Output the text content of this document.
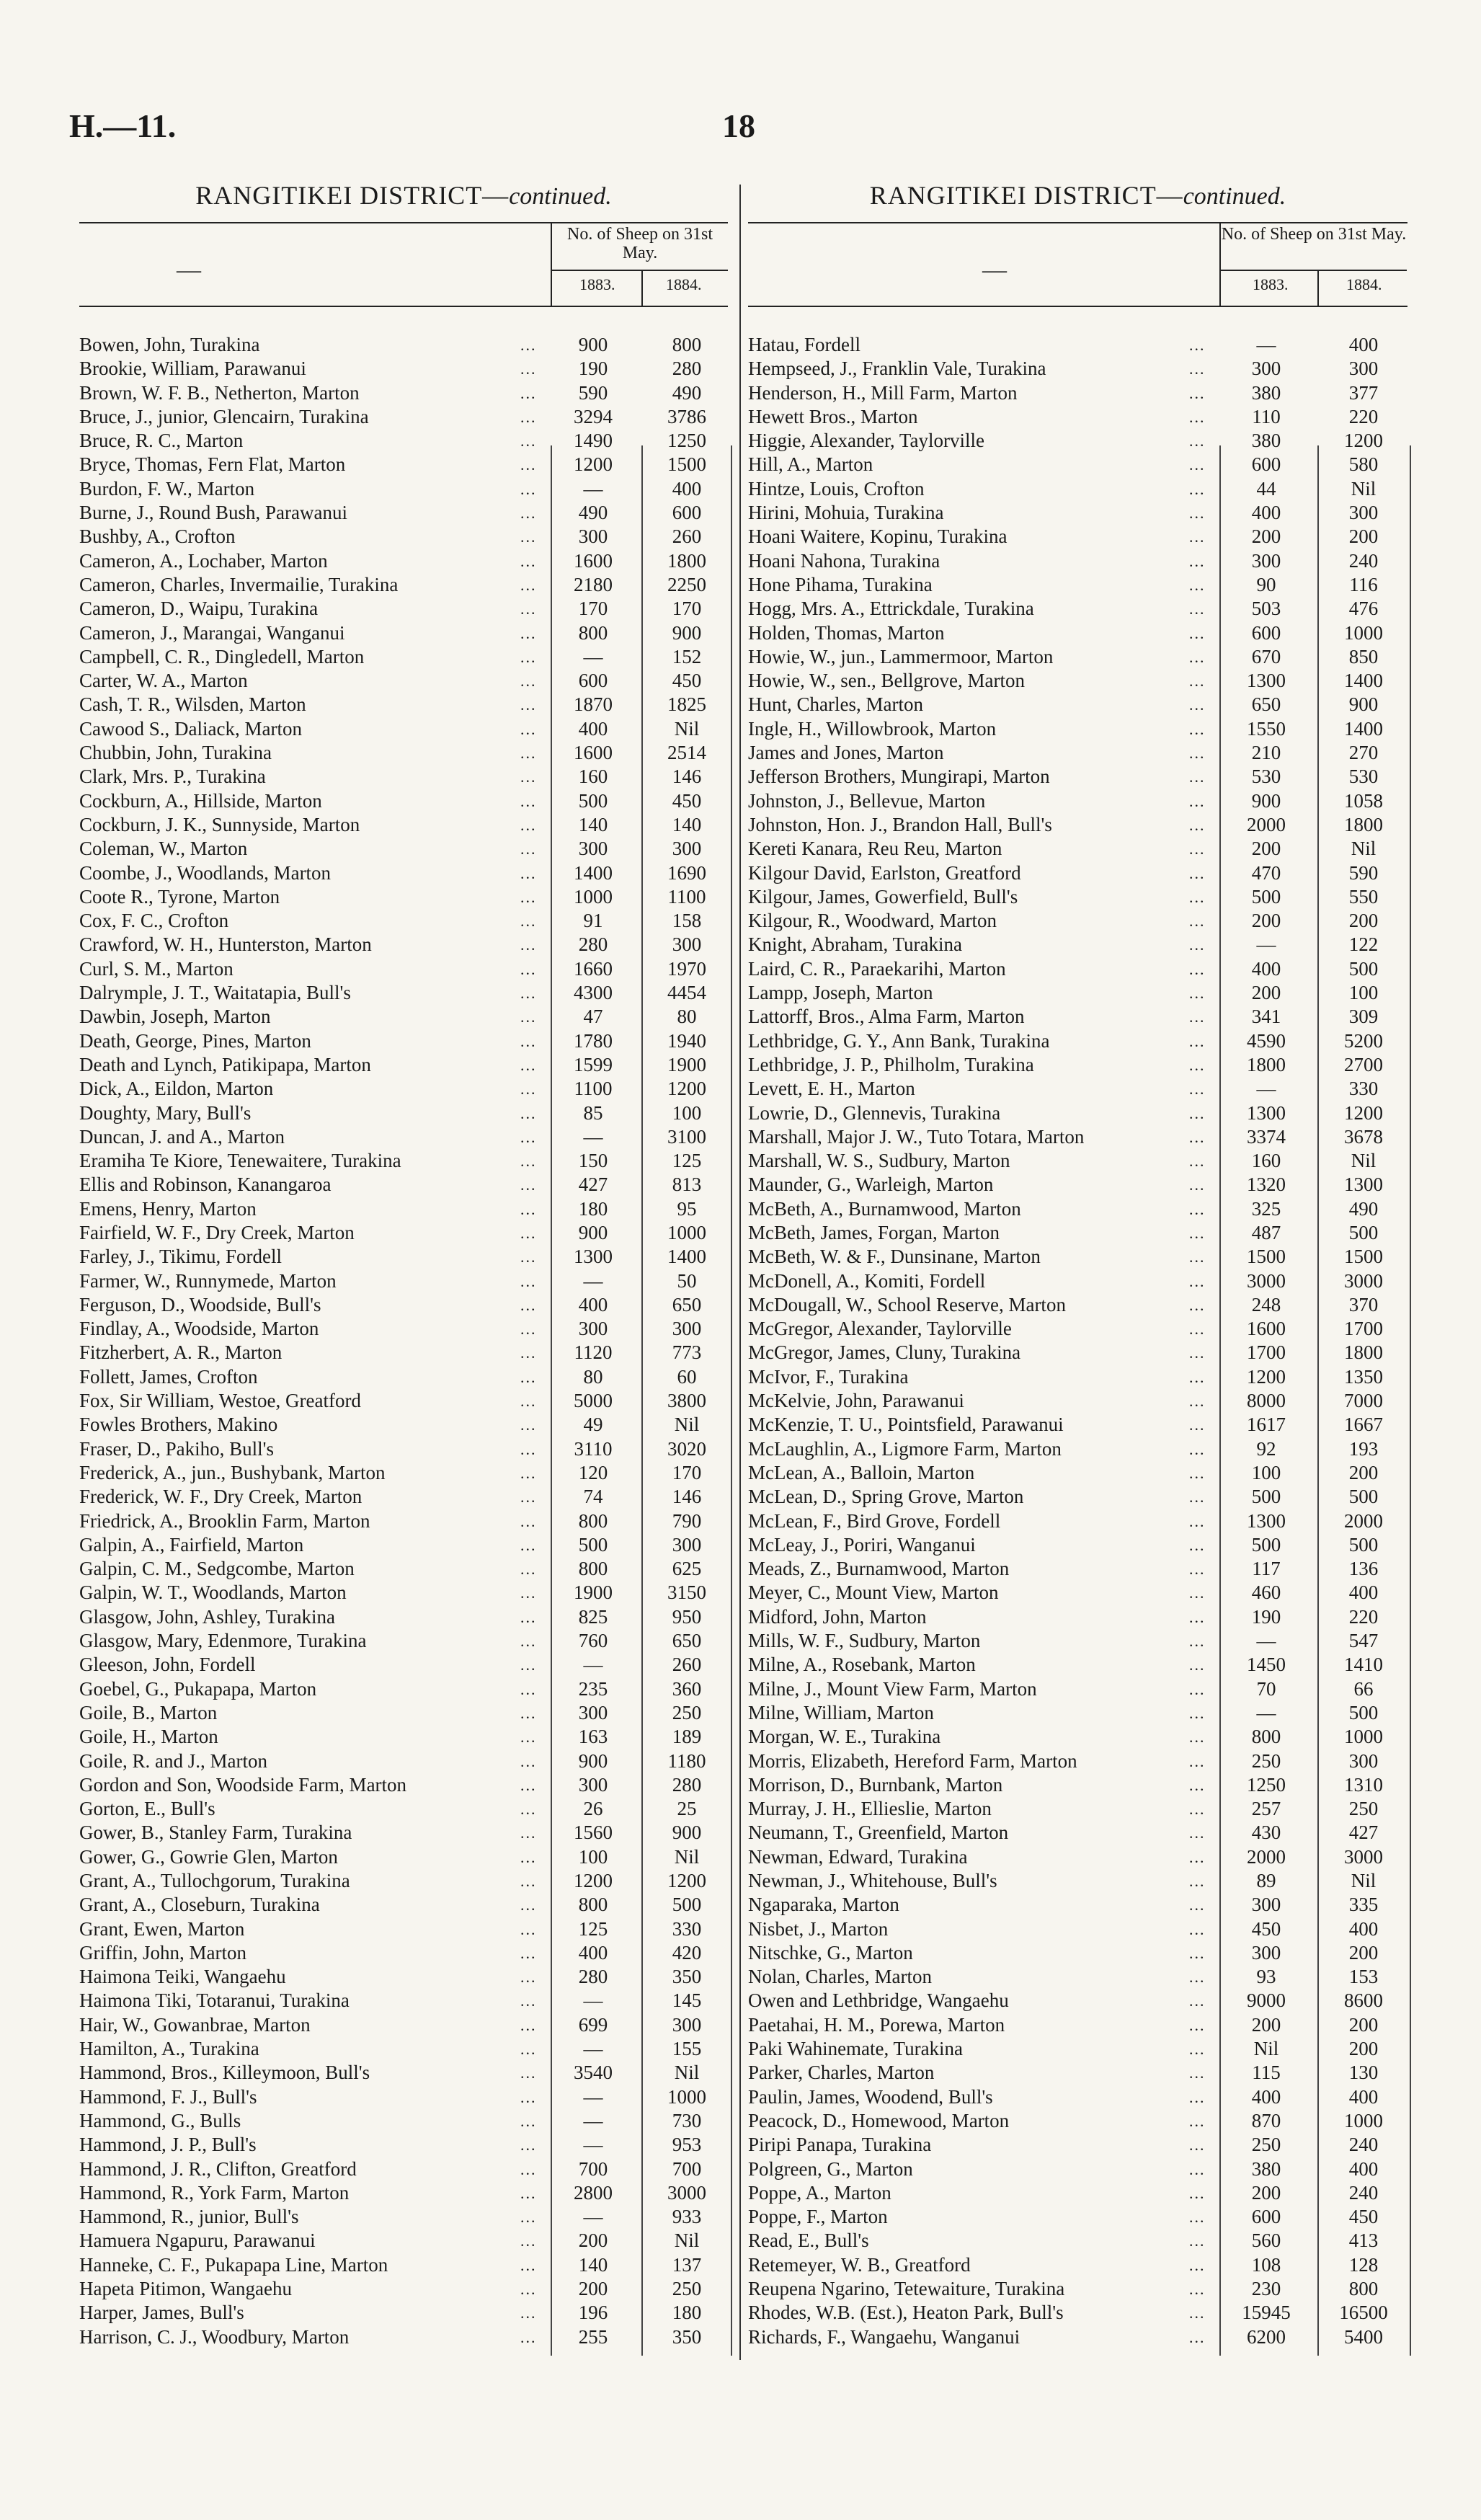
H.—11.	18
RANGITIKEI DISTRICT—continued.
—
No. of Sheep on 31st May.
1883.	1884.
Bowen, John, Turakina	...	900	800
Brookie, William, Parawanui	...	190	280
Brown, W. F. B., Netherton, Marton	...	590	490
Bruce, J., junior, Glencairn, Turakina	...	3294	3786
Bruce, R. C., Marton	...	1490	1250
Bryce, Thomas, Fern Flat, Marton	...	1200	1500
Burdon, F. W., Marton	...	—	400
Burne, J., Round Bush, Parawanui	...	490	600
Bushby, A., Crofton	...	300	260
Cameron, A., Lochaber, Marton	...	1600	1800
Cameron, Charles, Invermailie, Turakina	...	2180	2250
Cameron, D., Waipu, Turakina	...	170	170
Cameron, J., Marangai, Wanganui	...	800	900
Campbell, C. R., Dingledell, Marton	...	—	152
Carter, W. A., Marton	...	600	450
Cash, T. R., Wilsden, Marton	...	1870	1825
Cawood S., Daliack, Marton	...	400	Nil
Chubbin, John, Turakina	...	1600	2514
Clark, Mrs. P., Turakina	...	160	146
Cockburn, A., Hillside, Marton	...	500	450
Cockburn, J. K., Sunnyside, Marton	...	140	140
Coleman, W., Marton	...	300	300
Coombe, J., Woodlands, Marton	...	1400	1690
Coote R., Tyrone, Marton	...	1000	1100
Cox, F. C., Crofton	...	91	158
Crawford, W. H., Hunterston, Marton	...	280	300
Curl, S. M., Marton	...	1660	1970
Dalrymple, J. T., Waitatapia, Bull's	...	4300	4454
Dawbin, Joseph, Marton	...	47	80
Death, George, Pines, Marton	...	1780	1940
Death and Lynch, Patikipapa, Marton	...	1599	1900
Dick, A., Eildon, Marton	...	1100	1200
Doughty, Mary, Bull's	...	85	100
Duncan, J. and A., Marton	...	—	3100
Eramiha Te Kiore, Tenewaitere, Turakina	...	150	125
Ellis and Robinson, Kanangaroa	...	427	813
Emens, Henry, Marton	...	180	95
Fairfield, W. F., Dry Creek, Marton	...	900	1000
Farley, J., Tikimu, Fordell	...	1300	1400
Farmer, W., Runnymede, Marton	...	—	50
Ferguson, D., Woodside, Bull's	...	400	650
Findlay, A., Woodside, Marton	...	300	300
Fitzherbert, A. R., Marton	...	1120	773
Follett, James, Crofton	...	80	60
Fox, Sir William, Westoe, Greatford	...	5000	3800
Fowles Brothers, Makino	...	49	Nil
Fraser, D., Pakiho, Bull's	...	3110	3020
Frederick, A., jun., Bushybank, Marton	...	120	170
Frederick, W. F., Dry Creek, Marton	...	74	146
Friedrick, A., Brooklin Farm, Marton	...	800	790
Galpin, A., Fairfield, Marton	...	500	300
Galpin, C. M., Sedgcombe, Marton	...	800	625
Galpin, W. T., Woodlands, Marton	...	1900	3150
Glasgow, John, Ashley, Turakina	...	825	950
Glasgow, Mary, Edenmore, Turakina	...	760	650
Gleeson, John, Fordell	...	—	260
Goebel, G., Pukapapa, Marton	...	235	360
Goile, B., Marton	...	300	250
Goile, H., Marton	...	163	189
Goile, R. and J., Marton	...	900	1180
Gordon and Son, Woodside Farm, Marton	...	300	280
Gorton, E., Bull's	...	26	25
Gower, B., Stanley Farm, Turakina	...	1560	900
Gower, G., Gowrie Glen, Marton	...	100	Nil
Grant, A., Tullochgorum, Turakina	...	1200	1200
Grant, A., Closeburn, Turakina	...	800	500
Grant, Ewen, Marton	...	125	330
Griffin, John, Marton	...	400	420
Haimona Teiki, Wangaehu	...	280	350
Haimona Tiki, Totaranui, Turakina	...	—	145
Hair, W., Gowanbrae, Marton	...	699	300
Hamilton, A., Turakina	...	—	155
Hammond, Bros., Killeymoon, Bull's	...	3540	Nil
Hammond, F. J., Bull's	...	—	1000
Hammond, G., Bulls	...	—	730
Hammond, J. P., Bull's	...	—	953
Hammond, J. R., Clifton, Greatford	...	700	700
Hammond, R., York Farm, Marton	...	2800	3000
Hammond, R., junior, Bull's	...	—	933
Hamuera Ngapuru, Parawanui	...	200	Nil
Hanneke, C. F., Pukapapa Line, Marton	...	140	137
Hapeta Pitimon, Wangaehu	...	200	250
Harper, James, Bull's	...	196	180
Harrison, C. J., Woodbury, Marton	...	255	350
RANGITIKEI DISTRICT—continued.
—
No. of Sheep on 31st May.
1883.	1884.
Hatau, Fordell	...	—	400
Hempseed, J., Franklin Vale, Turakina	...	300	300
Henderson, H., Mill Farm, Marton	...	380	377
Hewett Bros., Marton	...	110	220
Higgie, Alexander, Taylorville	...	380	1200
Hill, A., Marton	...	600	580
Hintze, Louis, Crofton	...	44	Nil
Hirini, Mohuia, Turakina	...	400	300
Hoani Waitere, Kopinu, Turakina	...	200	200
Hoani Nahona, Turakina	...	300	240
Hone Pihama, Turakina	...	90	116
Hogg, Mrs. A., Ettrickdale, Turakina	...	503	476
Holden, Thomas, Marton	...	600	1000
Howie, W., jun., Lammermoor, Marton	...	670	850
Howie, W., sen., Bellgrove, Marton	...	1300	1400
Hunt, Charles, Marton	...	650	900
Ingle, H., Willowbrook, Marton	...	1550	1400
James and Jones, Marton	...	210	270
Jefferson Brothers, Mungirapi, Marton	...	530	530
Johnston, J., Bellevue, Marton	...	900	1058
Johnston, Hon. J., Brandon Hall, Bull's	...	2000	1800
Kereti Kanara, Reu Reu, Marton	...	200	Nil
Kilgour David, Earlston, Greatford	...	470	590
Kilgour, James, Gowerfield, Bull's	...	500	550
Kilgour, R., Woodward, Marton	...	200	200
Knight, Abraham, Turakina	...	—	122
Laird, C. R., Paraekarihi, Marton	...	400	500
Lampp, Joseph, Marton	...	200	100
Lattorff, Bros., Alma Farm, Marton	...	341	309
Lethbridge, G. Y., Ann Bank, Turakina	...	4590	5200
Lethbridge, J. P., Philholm, Turakina	...	1800	2700
Levett, E. H., Marton	...	—	330
Lowrie, D., Glennevis, Turakina	...	1300	1200
Marshall, Major J. W., Tuto Totara, Marton	...	3374	3678
Marshall, W. S., Sudbury, Marton	...	160	Nil
Maunder, G., Warleigh, Marton	...	1320	1300
McBeth, A., Burnamwood, Marton	...	325	490
McBeth, James, Forgan, Marton	...	487	500
McBeth, W. & F., Dunsinane, Marton	...	1500	1500
McDonell, A., Komiti, Fordell	...	3000	3000
McDougall, W., School Reserve, Marton	...	248	370
McGregor, Alexander, Taylorville	...	1600	1700
McGregor, James, Cluny, Turakina	...	1700	1800
McIvor, F., Turakina	...	1200	1350
McKelvie, John, Parawanui	...	8000	7000
McKenzie, T. U., Pointsfield, Parawanui	...	1617	1667
McLaughlin, A., Ligmore Farm, Marton	...	92	193
McLean, A., Balloin, Marton	...	100	200
McLean, D., Spring Grove, Marton	...	500	500
McLean, F., Bird Grove, Fordell	...	1300	2000
McLeay, J., Poriri, Wanganui	...	500	500
Meads, Z., Burnamwood, Marton	...	117	136
Meyer, C., Mount View, Marton	...	460	400
Midford, John, Marton	...	190	220
Mills, W. F., Sudbury, Marton	...	—	547
Milne, A., Rosebank, Marton	...	1450	1410
Milne, J., Mount View Farm, Marton	...	70	66
Milne, William, Marton	...	—	500
Morgan, W. E., Turakina	...	800	1000
Morris, Elizabeth, Hereford Farm, Marton	...	250	300
Morrison, D., Burnbank, Marton	...	1250	1310
Murray, J. H., Ellieslie, Marton	...	257	250
Neumann, T., Greenfield, Marton	...	430	427
Newman, Edward, Turakina	...	2000	3000
Newman, J., Whitehouse, Bull's	...	89	Nil
Ngaparaka, Marton	...	300	335
Nisbet, J., Marton	...	450	400
Nitschke, G., Marton	...	300	200
Nolan, Charles, Marton	...	93	153
Owen and Lethbridge, Wangaehu	...	9000	8600
Paetahai, H. M., Porewa, Marton	...	200	200
Paki Wahinemate, Turakina	...	Nil	200
Parker, Charles, Marton	...	115	130
Paulin, James, Woodend, Bull's	...	400	400
Peacock, D., Homewood, Marton	...	870	1000
Piripi Panapa, Turakina	...	250	240
Polgreen, G., Marton	...	380	400
Poppe, A., Marton	...	200	240
Poppe, F., Marton	...	600	450
Read, E., Bull's	...	560	413
Retemeyer, W. B., Greatford	...	108	128
Reupena Ngarino, Tetewaiture, Turakina	...	230	800
Rhodes, W.B. (Est.), Heaton Park, Bull's	...	15945	16500
Richards, F., Wangaehu, Wanganui	...	6200	5400
